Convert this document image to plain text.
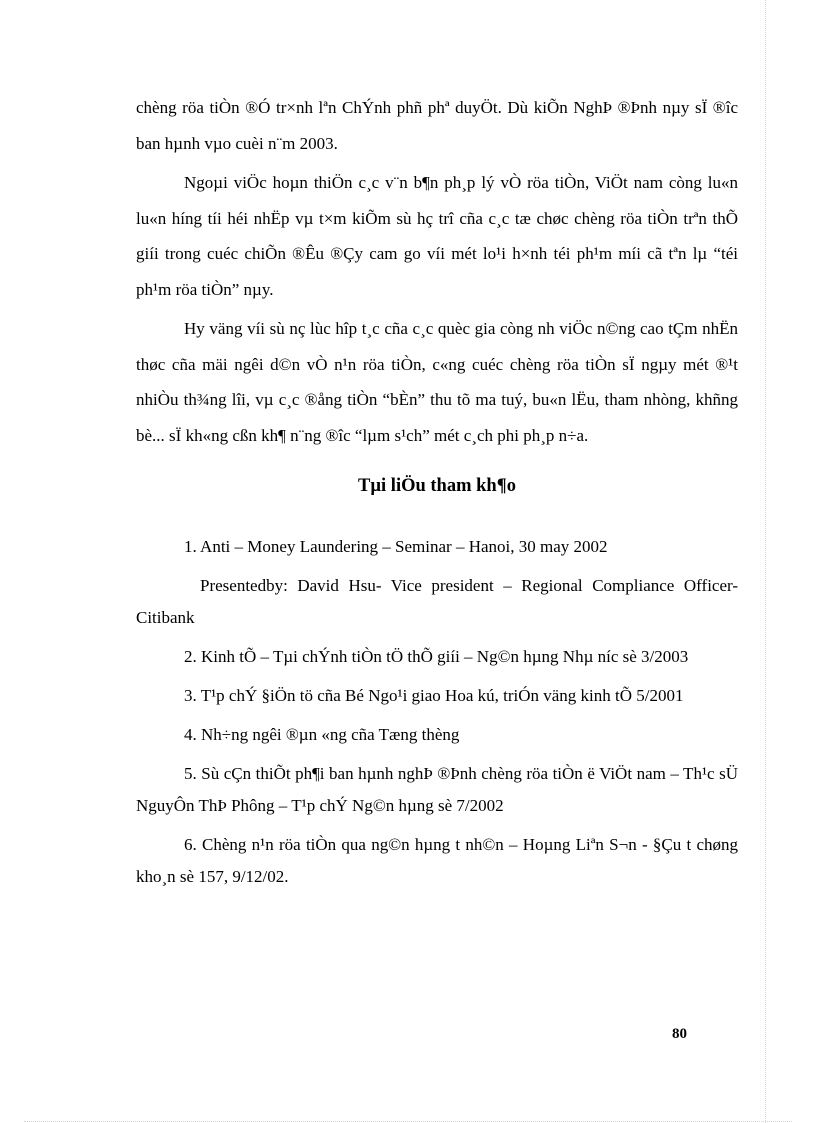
chèng röa tiÒn ®Ó tr×nh lªn ChÝnh phñ phª duyÖt. Dù kiÕn NghÞ ®Þnh nµy sÏ ®îc ban hµnh vµo cuèi n¨m 2003.

Ngoµi viÖc hoµn thiÖn c¸c v¨n b¶n ph¸p lý vÒ röa tiÒn, ViÖt nam còng lu«n lu«n híng tíi héi nhËp vµ t×m kiÕm sù hç trî cña c¸c tæ chøc chèng röa tiÒn trªn thÕ giíi trong cuéc chiÕn ®Êu ®Çy cam go víi mét lo¹i h×nh téi ph¹m míi cã tªn lµ “téi ph¹m röa tiÒn” nµy.

Hy väng víi sù nç lùc hîp t¸c cña c¸c quèc gia còng nh viÖc n©ng cao tÇm nhËn thøc cña mäi ngêi d©n vÒ n¹n röa tiÒn, c«ng cuéc chèng röa tiÒn sÏ ngµy mét ®¹t nhiÒu th¾ng lîi, vµ c¸c ®ång tiÒn “bÈn” thu tõ ma tuý, bu«n lËu, tham nhòng, khñng bè... sÏ kh«ng cßn kh¶ n¨ng ®îc “lµm s¹ch” mét c¸ch phi ph¸p n÷a.

Tµi liÖu tham kh¶o

1. Anti – Money Laundering – Seminar – Hanoi, 30 may 2002

Presentedby: David Hsu- Vice president – Regional Compliance Officer- Citibank

2. Kinh tÕ – Tµi chÝnh tiÒn tÖ thÕ giíi – Ng©n hµng Nhµ níc sè 3/2003

3. T¹p chÝ §iÖn tö cña Bé Ngo¹i giao Hoa kú, triÓn väng kinh tÕ 5/2001

4. Nh÷ng ngêi ®µn «ng cña Tæng thèng

5. Sù cÇn thiÕt ph¶i ban hµnh nghÞ ®Þnh chèng röa tiÒn ë ViÖt nam – Th¹c sÜ NguyÔn ThÞ Phông – T¹p chÝ Ng©n hµng sè 7/2002

6. Chèng n¹n röa tiÒn qua ng©n hµng t nh©n – Hoµng Liªn S¬n - §Çu t chøng kho¸n sè 157, 9/12/02.

80
